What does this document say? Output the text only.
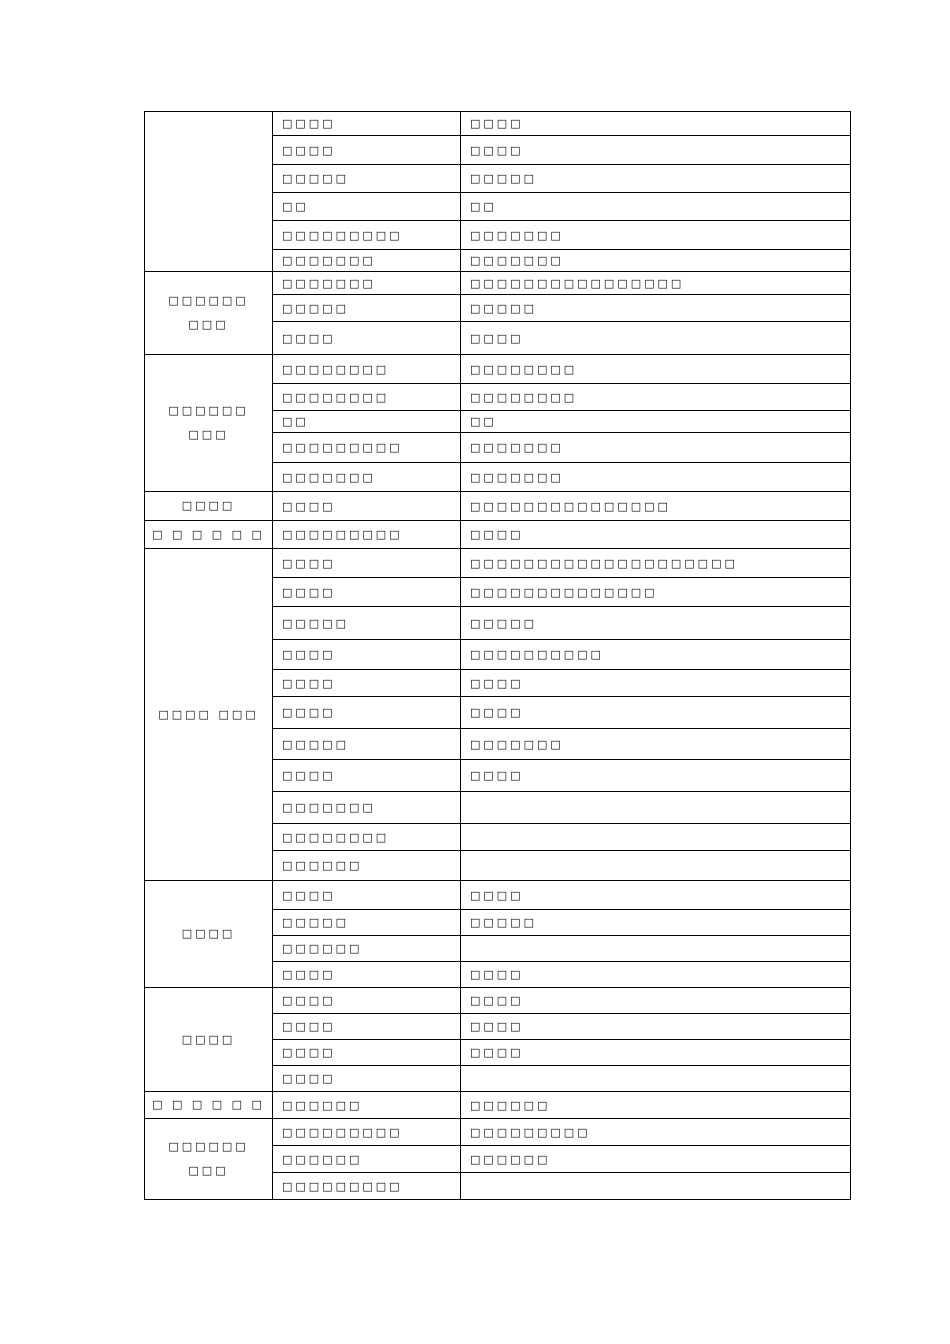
	□□□□	□□□□
	□□□□	□□□□
	□□□□□	□□□□□
	□□	□□
	□□□□□□□□□	□□□□□□□
	□□□□□□□	□□□□□□□
□□□□□□ □□□	□□□□□□□	□□□□□□□□□□□□□□□□
	□□□□□	□□□□□
	□□□□	□□□□
□□□□□□ □□□	□□□□□□□□	□□□□□□□□
	□□□□□□□□	□□□□□□□□
	□□	□□
	□□□□□□□□□	□□□□□□□
	□□□□□□□	□□□□□□□
□□□□	□□□□	□□□□□□□□□□□□□□□
□ □ □ □ □ □	□□□□□□□□□	□□□□
□□□□ □□□	□□□□	□□□□□□□□□□□□□□□□□□□□
	□□□□	□□□□□□□□□□□□□□
	□□□□□	□□□□□
	□□□□	□□□□□□□□□□
	□□□□	□□□□
	□□□□	□□□□
	□□□□□	□□□□□□□
	□□□□	□□□□
	□□□□□□□	
	□□□□□□□□	
	□□□□□□	
□□□□	□□□□	□□□□
	□□□□□	□□□□□
	□□□□□□	
	□□□□	□□□□
□□□□	□□□□	□□□□
	□□□□	□□□□
	□□□□	□□□□
	□□□□	
□ □ □ □ □ □	□□□□□□	□□□□□□
□□□□□□ □□□	□□□□□□□□□	□□□□□□□□□
	□□□□□□	□□□□□□
	□□□□□□□□□	
